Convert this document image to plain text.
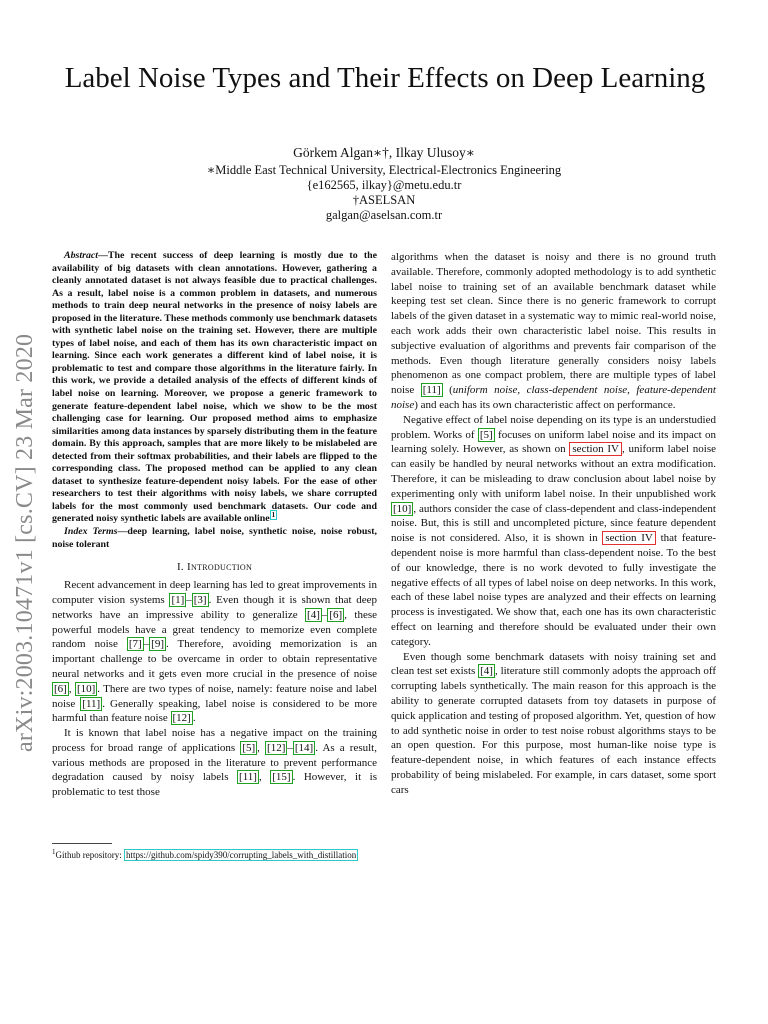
arXiv:2003.10471v1 [cs.CV] 23 Mar 2020
Label Noise Types and Their Effects on Deep Learning
Görkem Algan∗†, Ilkay Ulusoy∗
∗Middle East Technical University, Electrical-Electronics Engineering
{e162565, ilkay}@metu.edu.tr
†ASELSAN
galgan@aselsan.com.tr

Abstract—The recent success of deep learning is mostly due to the availability of big datasets with clean annotations. However, gathering a cleanly annotated dataset is not always feasible due to practical challenges. As a result, label noise is a common problem in datasets, and numerous methods to train deep neural networks in the presence of noisy labels are proposed in the literature. These methods commonly use benchmark datasets with synthetic label noise on the training set. However, there are multiple types of label noise, and each of them has its own characteristic impact on learning. Since each work generates a different kind of label noise, it is problematic to test and compare those algorithms in the literature fairly. In this work, we provide a detailed analysis of the effects of different kinds of label noise on learning. Moreover, we propose a generic framework to generate feature-dependent label noise, which we show to be the most challenging case for learning. Our proposed method aims to emphasize similarities among data instances by sparsely distributing them in the feature domain. By this approach, samples that are more likely to be mislabeled are detected from their softmax probabilities, and their labels are flipped to the corresponding class. The proposed method can be applied to any clean dataset to synthesize feature-dependent noisy labels. For the ease of other researchers to test their algorithms with noisy labels, we share corrupted labels for the most commonly used benchmark datasets. Our code and generated noisy synthetic labels are available online $^1$

Index Terms—deep learning, label noise, synthetic noise, noise robust, noise tolerant

I. Introduction

Recent advancement in deep learning has led to great improvements in computer vision systems [1] – [3] . Even though it is shown that deep networks have an impressive ability to generalize [4] – [6] , these powerful models have a great tendency to memorize even complete random noise [7] – [9] . Therefore, avoiding memorization is an important challenge to be overcame in order to obtain representative neural networks and it gets even more crucial in the presence of noise [6] , [10] . There are two types of noise, namely: feature noise and label noise [11] . Generally speaking, label noise is considered to be more harmful than feature noise [12] .

It is known that label noise has a negative impact on the training process for broad range of applications [5] , [12] – [14] . As a result, various methods are proposed in the literature to prevent performance degradation caused by noisy labels [11] , [15] . However, it is problematic to test those

algorithms when the dataset is noisy and there is no ground truth available. Therefore, commonly adopted methodology is to add synthetic label noise to training set of an available benchmark dataset while keeping test set clean. Since there is no generic framework to corrupt labels of the given dataset in a systematic way to mimic real-world noise, each work adds their own characteristic label noise. This results in subjective evaluation of algorithms and prevents fair comparison of the methods. Even though literature generally considers noisy labels phenomenon as one compact problem, there are multiple types of label noise [11] (uniform noise, class-dependent noise, feature-dependent noise) and each has its own characteristic affect on performance.

Negative effect of label noise depending on its type is an understudied problem. Works of [5] focuses on uniform label noise and its impact on learning solely. However, as shown on section IV , uniform label noise can easily be handled by neural networks without an extra modification. Therefore, it can be misleading to draw conclusion about label noise by experimenting only with uniform label noise. In their unpublished work [10] , authors consider the case of class-dependent and class-independent noise. But, this is still and uncompleted picture, since feature dependent noise is not considered. Also, it is shown in section IV that feature-dependent noise is more harmful than class-dependent noise. To the best of our knowledge, there is no work devoted to fully investigate the negative effects of all types of label noise on deep networks. In this work, each of these label noise types are analyzed and their effects on learning process is investigated. We show that, each one has its own characteristic effect on learning and therefore should be evaluated under their own category.

Even though some benchmark datasets with noisy training set and clean test set exists [4] , literature still commonly adopts the approach off corrupting labels synthetically. The main reason for this approach is the ability to generate corrupted datasets from toy datasets in purpose of quick application and testing of proposed algorithm. Yet, question of how to add synthetic noise in order to test noise robust algorithms stays to be an open question. For this purpose, most human-like noise type is feature-dependent noise, in which features of each instance effects probability of being mislabeled. For example, in cars dataset, some sport cars

$^1$Github repository: https://github.com/spidy390/corrupting_labels_with_distillation
